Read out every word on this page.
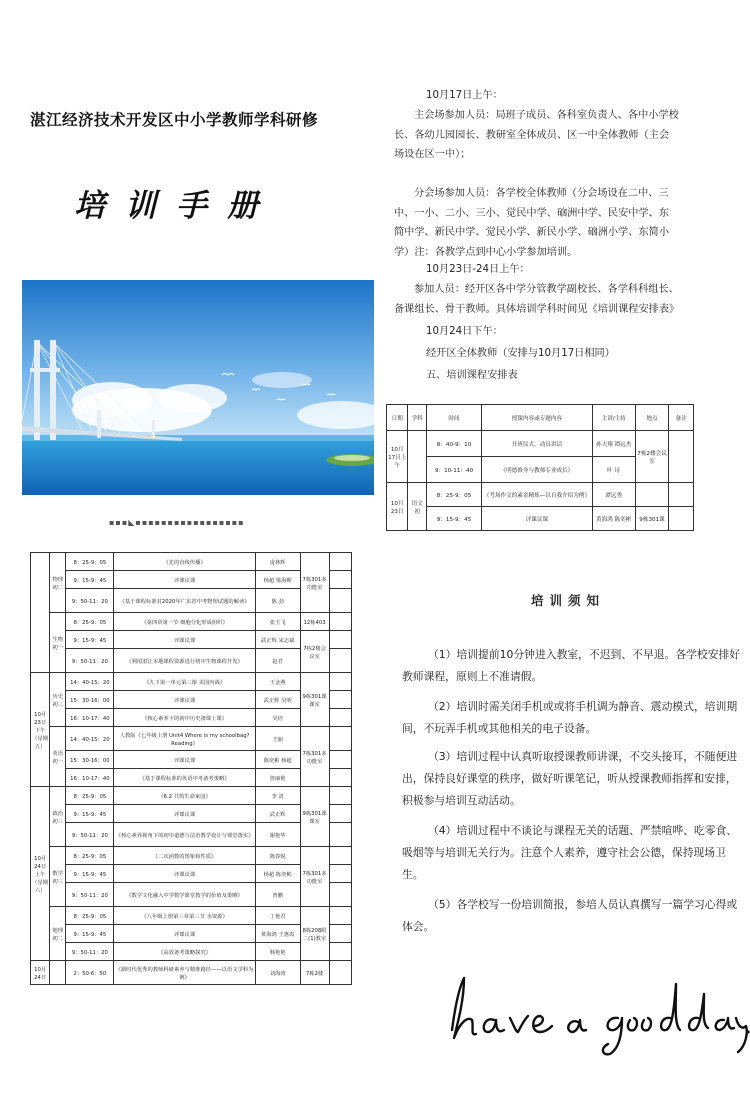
湛江经济技术开发区中小学教师学科研修
培训手册
▪▪▪◣▪▪▪▪▪▪▪▪▪▪▪▪▪▪▪▪▪

10月17日上午：

主会场参加人员：局班子成员、各科室负责人、各中小学校长、各幼儿园园长、教研室全体成员、区一中全体教师（主会场设在区一中）；

分会场参加人员：各学校全体教师（分会场设在二中、三中、一小、二小、三小、觉民中学、硇洲中学、民安中学、东简中学、新民中学、觉民小学、新民小学、硇洲小学、东简小学）注：各教学点到中心小学参加培训。

10月23日-24日上午：

参加人员：经开区各中学分管教学副校长、各学科科组长、备课组长、骨干教师。具体培训学科时间见《培训课程安排表》

10月24日下午：

经开区全体教师（安排与10月17日相同）

五、培训课程安排表

日期	学科	时间	授课内容或专题内容	主讲/主持	地点	备注
10月17日上午		8：40-9：10	开班仪式、动员讲话	孙天翔 谭远杰	7栋2楼会议室	
		9：10-11：40	《明德修身与教师专业成长》	叶 诗		
10月23日	语文初	8：25-9：05	《考场作文的素金精炼—以自我介绍为例》	谭远秀		
		9：15-9：45	评课议课	黄海鸿 陈奕彬	9栋301课	
	物理初二	8：25-9：05	《光的直线传播》	庞林辉	7栋301多功能室	
		9：15-9：45	评课议课	杨超 梁海斯		
		9：50-11：20	《基于课程标准对2020年广东省中考物理试题的解读》	陈 劲		
	生物初一	8：25-9：05	《第四章第一节 细胞分化形成组织》	张玉飞	12栋403	
		9：15-9：45	评课议课	武正辉 宋志斌	7栋2楼会议室	
		9：50-11：20	《利用湛江本地课程资源进行初中生物课程开发》	赵君		
10月23日下午（星期五）	历史初三	14：40-15：20	《九下第一单元第三课 美国内战》	王金燕	9栋301课课室	
		15：30-16：00	评课议课	武正辉 吴明		
		16：10-17：40	《核心素养下的初中历史备课上课》	吴培		
	英语初一	14：40-15：20	人教版《七年级上册 Unit4 Where is my schoolbag? Reading》	王丽	7栋301多功能室	
		15：30-16：00	评课议课	陈奕彬 杨超		
		16：10-17：40	《基于课程标准的英语中考备考策略》	詹丽艳		
10月24日上午（星期六）	政治初三	8：25-9：05	《6.2 共筑生命家园》	李 清	9栋301课课室	
		9：15-9：45	评课议课	武正辉		
		9：50-11：20	《核心素养视角下的初中道德与法治教学设计与课堂落实》	谢艳华		
	数学初三	8：25-9：05	《二次函数的图象和性质》	陈春锐	7栋301多功能室	
		9：15-9：45	评课议课	杨超 陈奕彬		
		9：50-11：20	《数学文化融入中学数学课堂教学的价值及策略》	曾鹏		
	地理初二	8：25-9：05	《八年级上册第三章第三节 水资源》	丁艳君	8栋208附二(1)教室	
		9：15-9：45	评课议课	黄海鸿 王惠霞		
		9：50-11：20	《高效备考策略探究》	韩艳艳		
10月24日		2：50-6：50	《新时代优秀的教师科研素养与精准路径——以语文学科为例》	刘海涛	7栋2楼	
培训须知

（1）培训提前10分钟进入教室，不迟到、不早退。各学校安排好教师课程，原则上不准请假。

（2）培训时需关闭手机或或将手机调为静音、震动模式，培训期间，不玩弄手机或其他相关的电子设备。

（3）培训过程中认真听取授课教师讲课，不交头接耳，不随便进出，保持良好课堂的秩序，做好听课笔记，听从授课教师指挥和安排，积极参与培训互动活动。

（4）培训过程中不谈论与课程无关的话题、严禁喧哗、吃零食、吸烟等与培训无关行为。注意个人素养，遵守社会公德，保持现场卫生。

（5）各学校写一份培训简报，参培人员认真撰写一篇学习心得或体会。

have a good day.
